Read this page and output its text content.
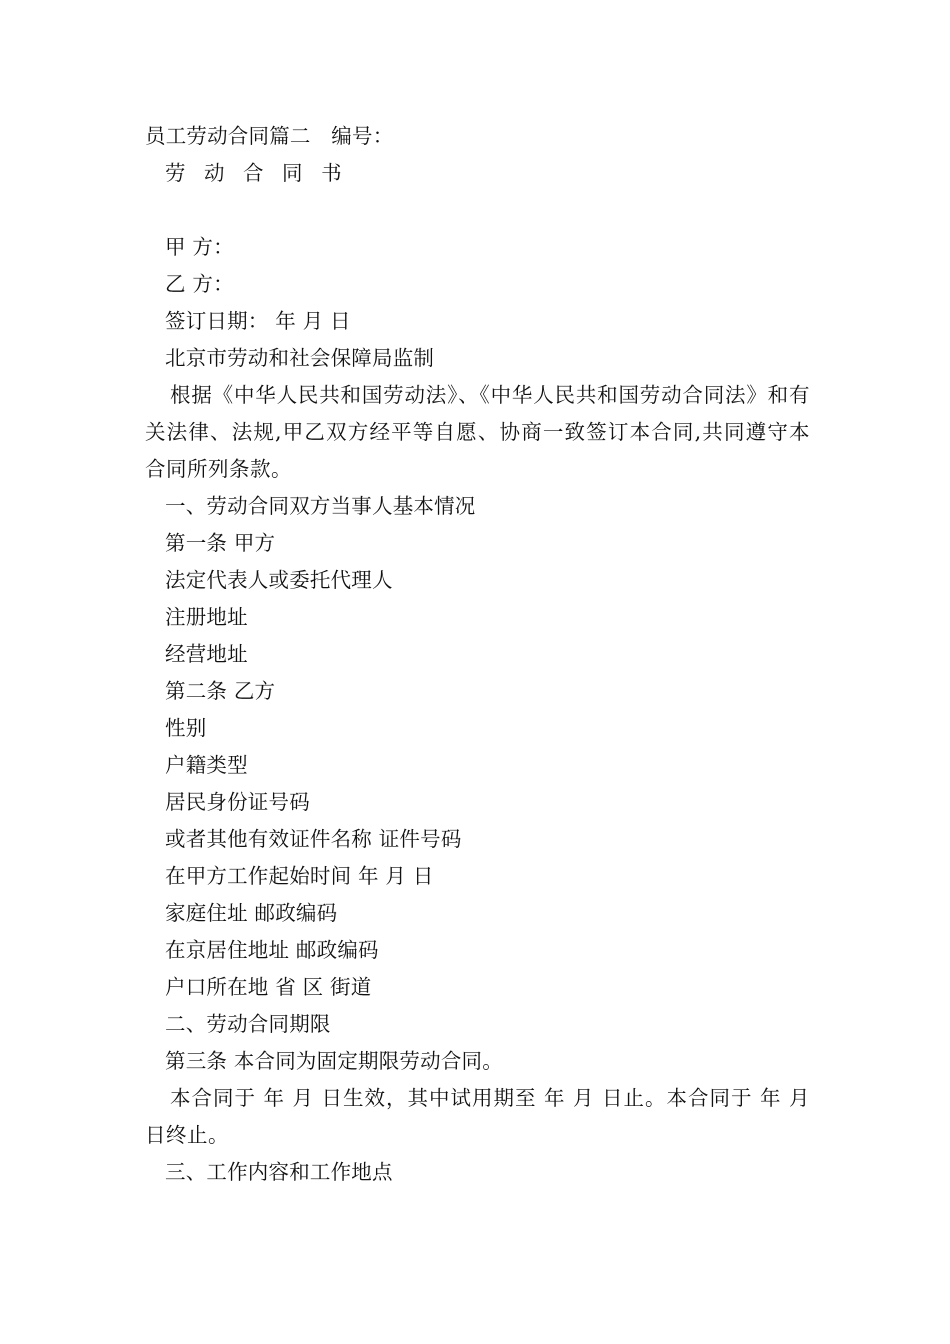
员工劳动合同篇二　编号：
劳 动 合 同 书
甲 方：
乙 方：
签订日期： 年 月 日
北京市劳动和社会保障局监制

根据《中华人民共和国劳动法》、《中华人民共和国劳动合同法》和有关法律、法规,甲乙双方经平等自愿、协商一致签订本合同,共同遵守本合同所列条款。

一、劳动合同双方当事人基本情况
第一条 甲方
法定代表人或委托代理人
注册地址
经营地址
第二条 乙方
性别
户籍类型
居民身份证号码
或者其他有效证件名称 证件号码
在甲方工作起始时间 年 月 日
家庭住址 邮政编码
在京居住地址 邮政编码
户口所在地 省 区 街道
二、劳动合同期限
第三条 本合同为固定期限劳动合同。

本合同于 年 月 日生效，其中试用期至 年 月 日止。本合同于 年 月 日终止。

三、工作内容和工作地点
